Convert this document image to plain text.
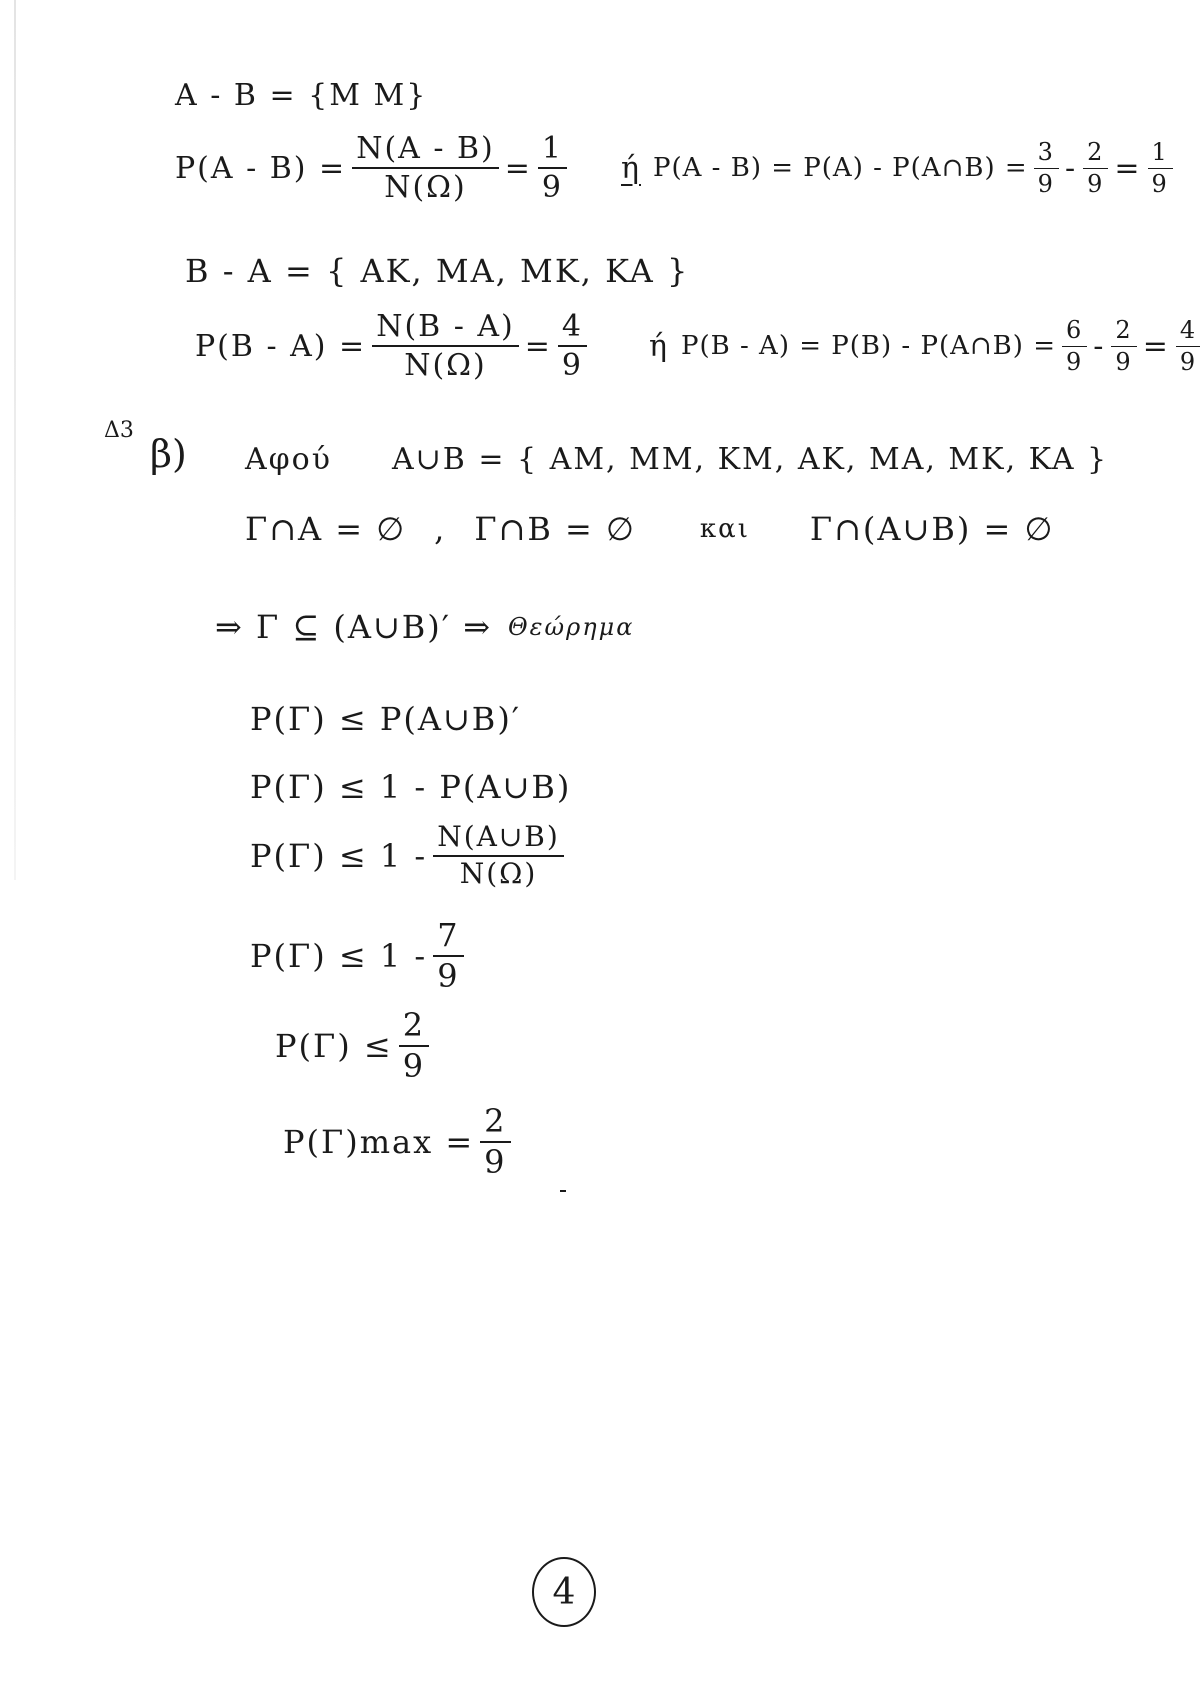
A - B = {M M}
$P(A - B) = \frac{N(A - B)}{N(\Omega)} = \frac{1}{9}$ ή P(A - B) = P(A) - P(A∩B) = $\frac{3}{9} - \frac{2}{9} = \frac{1}{9}$
B - A = { AK, MA, MK, KA }
$P(B - A) = \frac{N(B - A)}{N(\Omega)} = \frac{4}{9}$ ή P(B - A) = P(B) - P(A∩B) = $\frac{6}{9} - \frac{2}{9} = \frac{4}{9}$
Δ3
β) Αφού A∪B = { AM, MM, KM, AK, MA, MK, KA }
Γ∩A = ∅ , Γ∩B = ∅ και Γ∩(A∪B) = ∅
⇒ Γ ⊆ (A∪B)′ ⇒ Θεώρημα
P(Γ) ≤ P(A∪B)′
P(Γ) ≤ 1 - P(A∪B)
$P(\Gamma) \le 1 - \frac{N(A\cup B)}{N(\Omega)}$
$P(\Gamma) \le 1 - \frac{7}{9}$
$P(\Gamma) \le \frac{2}{9}$
$P(\Gamma)\max = \frac{2}{9}$
4
